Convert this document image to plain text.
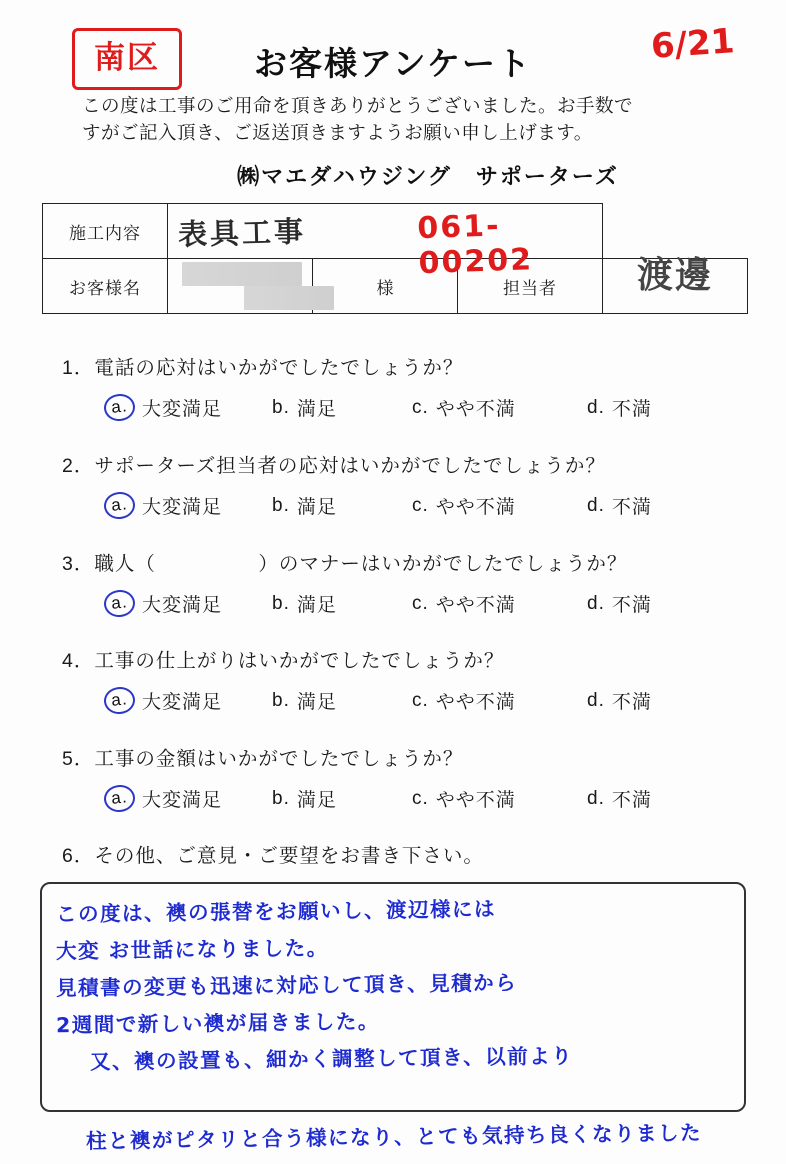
南区	お客様アンケート	6/21
この度は工事のご用命を頂きありがとうございました。お手数で
すがご記入頂き、ご返送頂きますようお願い申し上げます。
㈱マエダハウジング　サポーターズ
施工内容	表具工事 061-00202			

お客様名		様	担当者	渡邊
1．電話の応対はいかがでしたでしょうか？
a. 大変満足	b. 満足	c. やや不満	d. 不満
2．サポーターズ担当者の応対はいかがでしたでしょうか？
a. 大変満足	b. 満足	c. やや不満	d. 不満
3．職人（　　　　　）のマナーはいかがでしたでしょうか？
a. 大変満足	b. 満足	c. やや不満	d. 不満
4．工事の仕上がりはいかがでしたでしょうか？
a. 大変満足	b. 満足	c. やや不満	d. 不満
5．工事の金額はいかがでしたでしょうか？
a. 大変満足	b. 満足	c. やや不満	d. 不満
6．その他、ご意見・ご要望をお書き下さい。
この度は、襖の張替をお願いし、渡辺様には
大変 お世話になりました。
見積書の変更も迅速に対応して頂き、見積から
2週間で新しい襖が届きました。
又、襖の設置も、細かく調整して頂き、以前より
柱と襖がピタリと合う様になり、とても気持ち良くなりました
